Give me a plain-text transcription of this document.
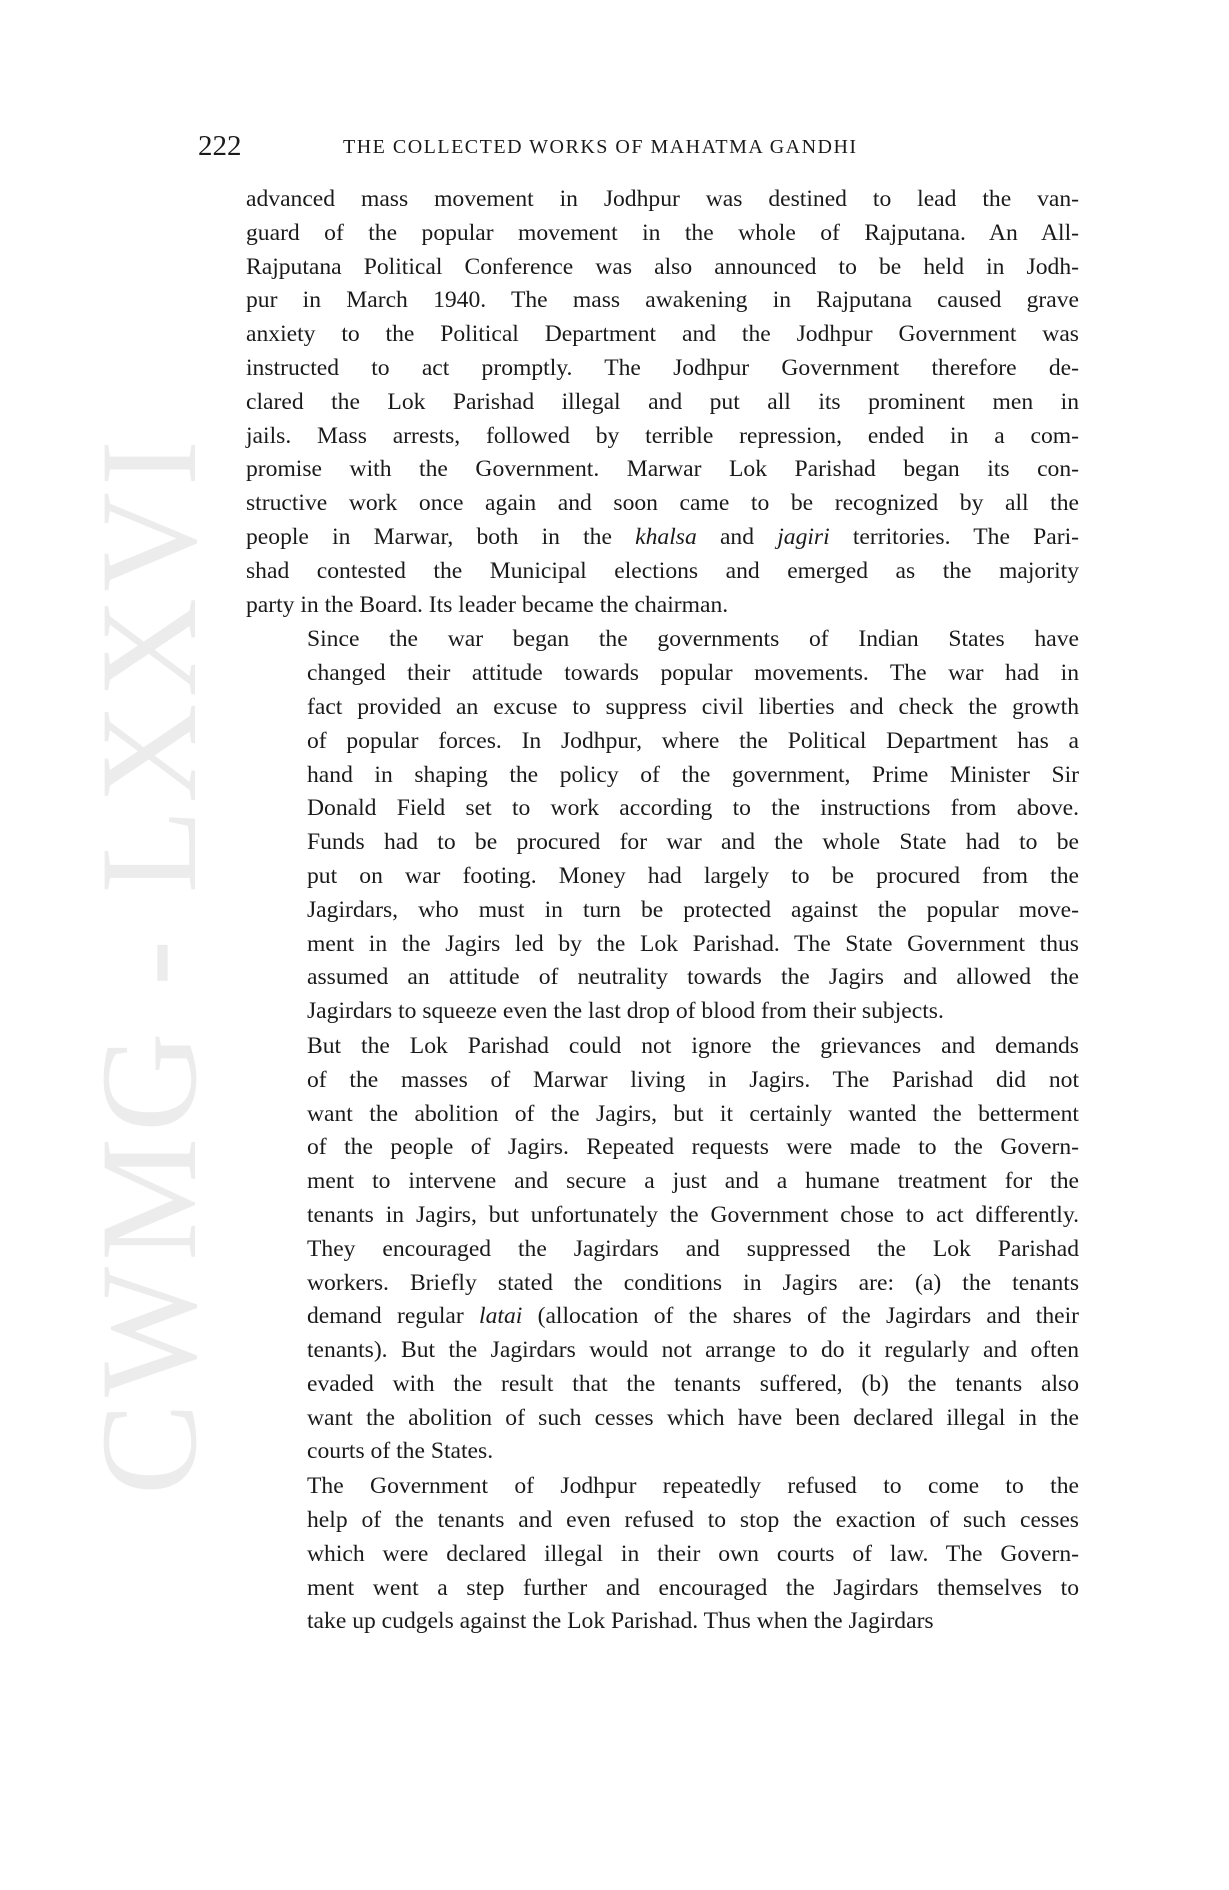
CWMG - LXXVI
222	THE COLLECTED WORKS OF MAHATMA GANDHI
advanced mass movement in Jodhpur was destined to lead the van-
guard of the popular movement in the whole of Rajputana. An All-
Rajputana Political Conference was also announced to be held in Jodh-
pur in March 1940. The mass awakening in Rajputana caused grave
anxiety to the Political Department and the Jodhpur Government was
instructed to act promptly. The Jodhpur Government therefore de-
clared the Lok Parishad illegal and put all its prominent men in
jails. Mass arrests, followed by terrible repression, ended in a com-
promise with the Government. Marwar Lok Parishad began its con-
structive work once again and soon came to be recognized by all the
people in Marwar, both in the khalsa and jagiri territories. The Pari-
shad contested the Municipal elections and emerged as the majority
party in the Board. Its leader became the chairman.
Since the war began the governments of Indian States have
changed their attitude towards popular movements. The war had in
fact provided an excuse to suppress civil liberties and check the growth
of popular forces. In Jodhpur, where the Political Department has a
hand in shaping the policy of the government, Prime Minister Sir
Donald Field set to work according to the instructions from above.
Funds had to be procured for war and the whole State had to be
put on war footing. Money had largely to be procured from the
Jagirdars, who must in turn be protected against the popular move-
ment in the Jagirs led by the Lok Parishad. The State Government thus
assumed an attitude of neutrality towards the Jagirs and allowed the
Jagirdars to squeeze even the last drop of blood from their subjects.
But the Lok Parishad could not ignore the grievances and demands
of the masses of Marwar living in Jagirs. The Parishad did not
want the abolition of the Jagirs, but it certainly wanted the betterment
of the people of Jagirs. Repeated requests were made to the Govern-
ment to intervene and secure a just and a humane treatment for the
tenants in Jagirs, but unfortunately the Government chose to act differently.
They encouraged the Jagirdars and suppressed the Lok Parishad
workers. Briefly stated the conditions in Jagirs are: (a) the tenants
demand regular latai (allocation of the shares of the Jagirdars and their
tenants). But the Jagirdars would not arrange to do it regularly and often
evaded with the result that the tenants suffered, (b) the tenants also
want the abolition of such cesses which have been declared illegal in the
courts of the States.
The Government of Jodhpur repeatedly refused to come to the
help of the tenants and even refused to stop the exaction of such cesses
which were declared illegal in their own courts of law. The Govern-
ment went a step further and encouraged the Jagirdars themselves to
take up cudgels against the Lok Parishad. Thus when the Jagirdars
